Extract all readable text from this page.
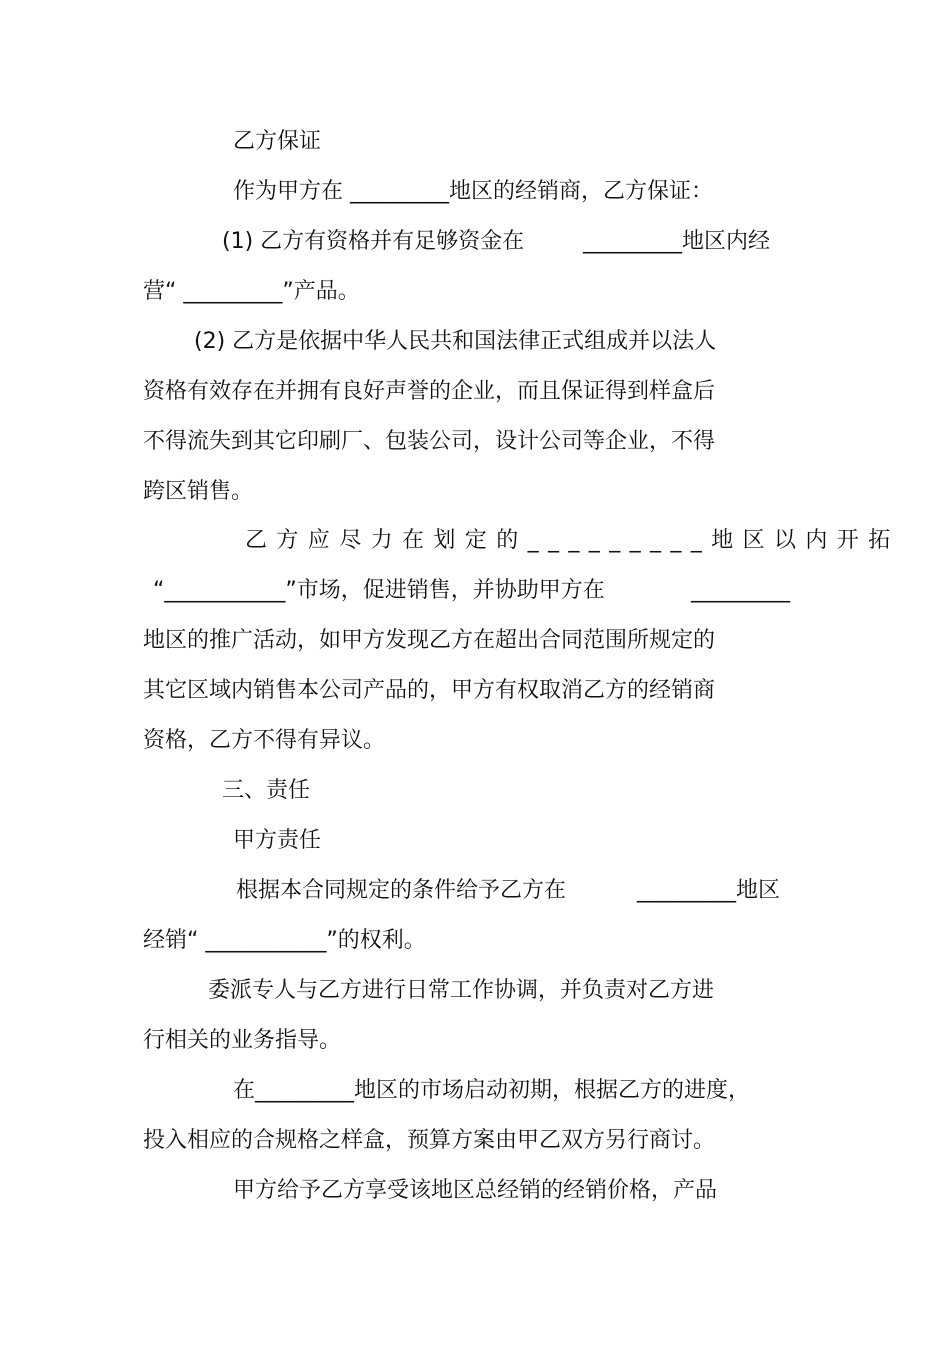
乙方保证
作为甲方在 _________地区的经销商，乙方保证：
(1) 乙方有资格并有足够资金在	_________地区内经
营“ _________”产品。
(2) 乙方是依据中华人民共和国法律正式组成并以法人
资格有效存在并拥有良好声誉的企业，而且保证得到样盒后
不得流失到其它印刷厂、包装公司，设计公司等企业，不得
跨区销售。
乙方应尽力在划定的_________地区以内开拓
“___________”市场，促进销售，并协助甲方在	_________
地区的推广活动，如甲方发现乙方在超出合同范围所规定的
其它区域内销售本公司产品的，甲方有权取消乙方的经销商
资格，乙方不得有异议。
三、责任
甲方责任
根据本合同规定的条件给予乙方在	_________地区
经销“ ___________”的权利。
委派专人与乙方进行日常工作协调，并负责对乙方进
行相关的业务指导。
在_________地区的市场启动初期，根据乙方的进度，
投入相应的合规格之样盒，预算方案由甲乙双方另行商讨。
甲方给予乙方享受该地区总经销的经销价格，产品
